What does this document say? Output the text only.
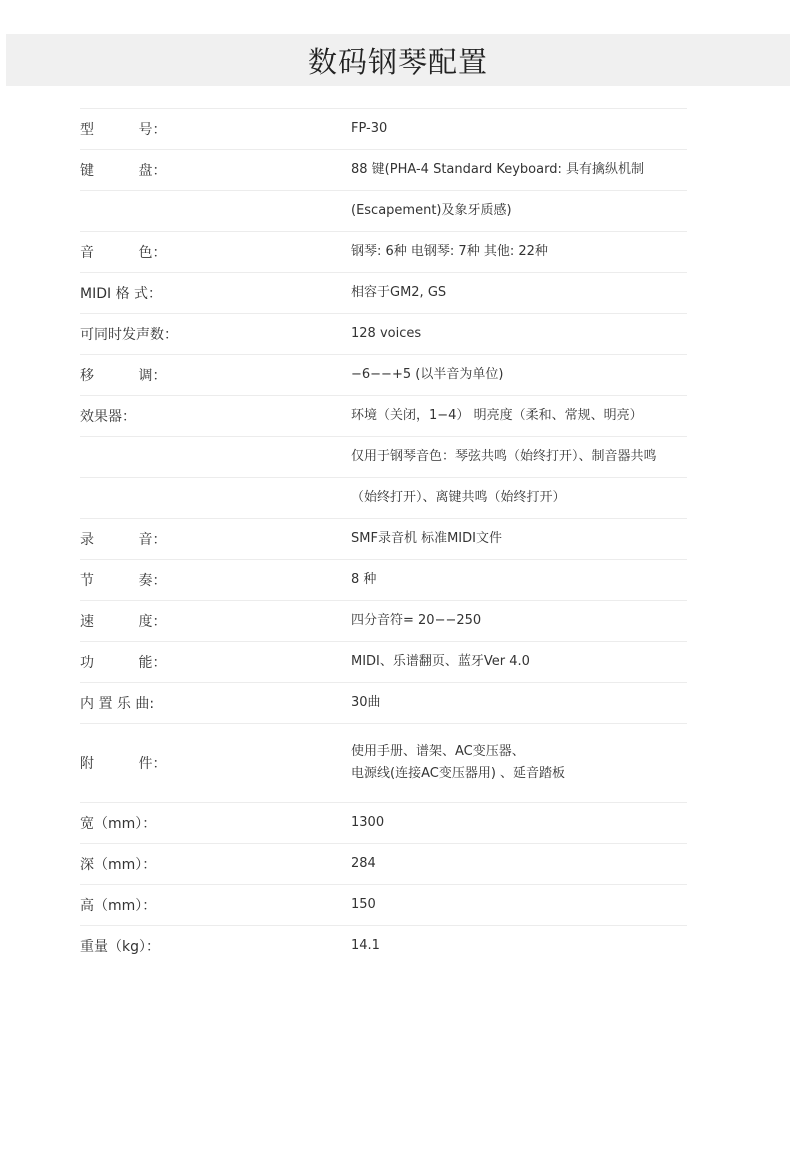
数码钢琴配置
型          号：	FP-30
键          盘：	88 键(PHA-4 Standard Keyboard: 具有擒纵机制
(Escapement)及象牙质感)
音          色：	钢琴: 6种 电钢琴: 7种 其他: 22种
MIDI 格 式：	相容于GM2, GS
可同时发声数：	128 voices
移          调：	−6−−+5 (以半音为单位)
效果器：	环境（关闭，1−4） 明亮度（柔和、常规、明亮）
仅用于钢琴音色：琴弦共鸣（始终打开）、制音器共鸣
（始终打开）、离键共鸣（始终打开）
录          音：	SMF录音机 标准MIDI文件
节          奏：	8 种
速          度：	四分音符= 20−−250
功          能：	MIDI、乐谱翻页、蓝牙Ver 4.0
内 置 乐 曲:	30曲
附          件：
使用手册、谱架、AC变压器、
电源线(连接AC变压器用) 、延音踏板
宽（mm）：	1300
深（mm）：	284
高（mm）：	150
重量（kg）：	14.1
